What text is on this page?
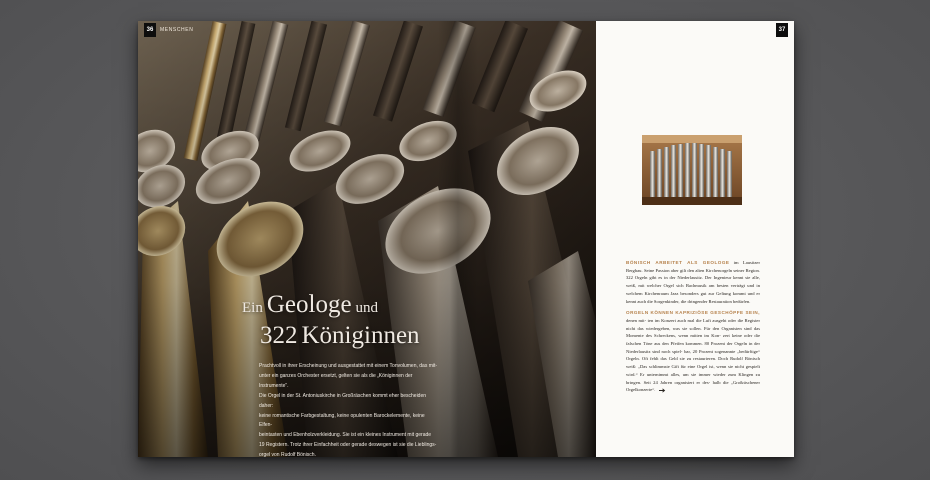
36	MENSCHEN
Ein Geologe und
322 Königinnen

Prachtvoll in ihrer Erscheinung und ausgestattet mit einem Tonvolumen, das mit-

unter ein ganzes Orchester ersetzt, gelten sie als die „Königinnen der Instrumente“.

Die Orgel in der St. Antoniuskirche in Großräschen kommt eher bescheiden daher:

keine romantische Farbgestaltung, keine opulenten Barockelemente, keine Elfen-

beintasten und Ebenholzverkleidung. Sie ist ein kleines Instrument mit gerade

19 Registern. Trotz ihrer Einfachheit oder gerade deswegen ist sie die Lieblings-

orgel von Rudolf Bönisch.

37

BÖNISCH ARBEITET ALS GEOLOGE im Lausitzer Bergbau. Seine Passion aber gilt den alten Kirchenorgeln seiner Region. 322 Orgeln gibt es in der Niederlausitz. Der Ingenieur kennt sie alle, weiß, mit welcher Orgel sich Bachmusik am besten verträgt und in welchem Kirchenraum Jazz besonders gut zur Geltung kommt und er kennt auch die Sorgenkinder, die dringender Restauration bedürfen.

ORGELN KÖNNEN KAPRIZIÖSE GESCHÖPFE SEIN, denen mit- ten im Konzert auch mal die Luft ausgeht oder die Register nicht das wiedergeben, was sie sollen. Für den Organisten sind das Momente des Schreckens, wenn mitten im Kon- zert keine oder die falschen Töne aus den Pfeifen kommen. 80 Prozent der Orgeln in der Niederlausitz sind noch spiel- bar, 20 Prozent sogenannte „bedürftige“ Orgeln. Oft fehlt das Geld sie zu restaurieren. Doch Rudolf Bönisch weiß: „Das schlimmste Gift für eine Orgel ist, wenn sie nicht gespielt wird.“ Er unternimmt alles, um sie immer wieder zum Klingen zu bringen. Seit 24 Jahren organisiert er des- halb die „Großräschener Orgelkonzerte“.
